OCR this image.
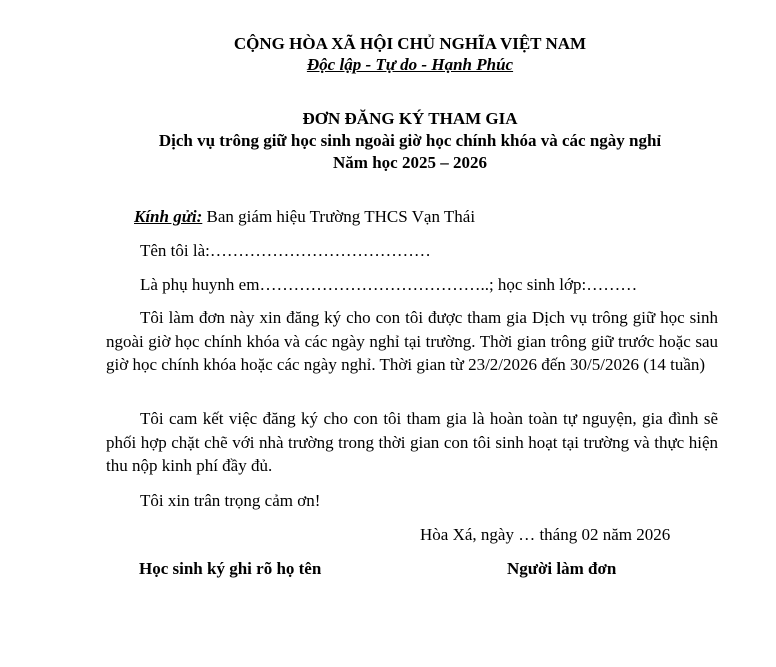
CỘNG HÒA XÃ HỘI CHỦ NGHĨA VIỆT NAM
Độc lập - Tự do - Hạnh Phúc
ĐƠN ĐĂNG KÝ THAM GIA
Dịch vụ trông giữ học sinh ngoài giờ học chính khóa và các ngày nghỉ
Năm học 2025 – 2026
Kính gửi: Ban giám hiệu Trường THCS Vạn Thái
Tên tôi là:…………………………………
Là phụ huynh em…………………………………..; học sinh lớp:………
Tôi làm đơn này xin đăng ký cho con tôi được tham gia Dịch vụ trông giữ học sinh ngoài giờ học chính khóa và các ngày nghỉ tại trường. Thời gian trông giữ trước hoặc sau giờ học chính khóa hoặc các ngày nghỉ. Thời gian từ 23/2/2026 đến 30/5/2026 (14 tuần)
Tôi cam kết việc đăng ký cho con tôi tham gia là hoàn toàn tự nguyện, gia đình sẽ phối hợp chặt chẽ với nhà trường trong thời gian con tôi sinh hoạt tại trường và thực hiện thu nộp kinh phí đầy đủ.
Tôi xin trân trọng cảm ơn!
Hòa Xá, ngày … tháng 02 năm 2026
Học sinh ký ghi rõ họ tên	Người làm đơn
